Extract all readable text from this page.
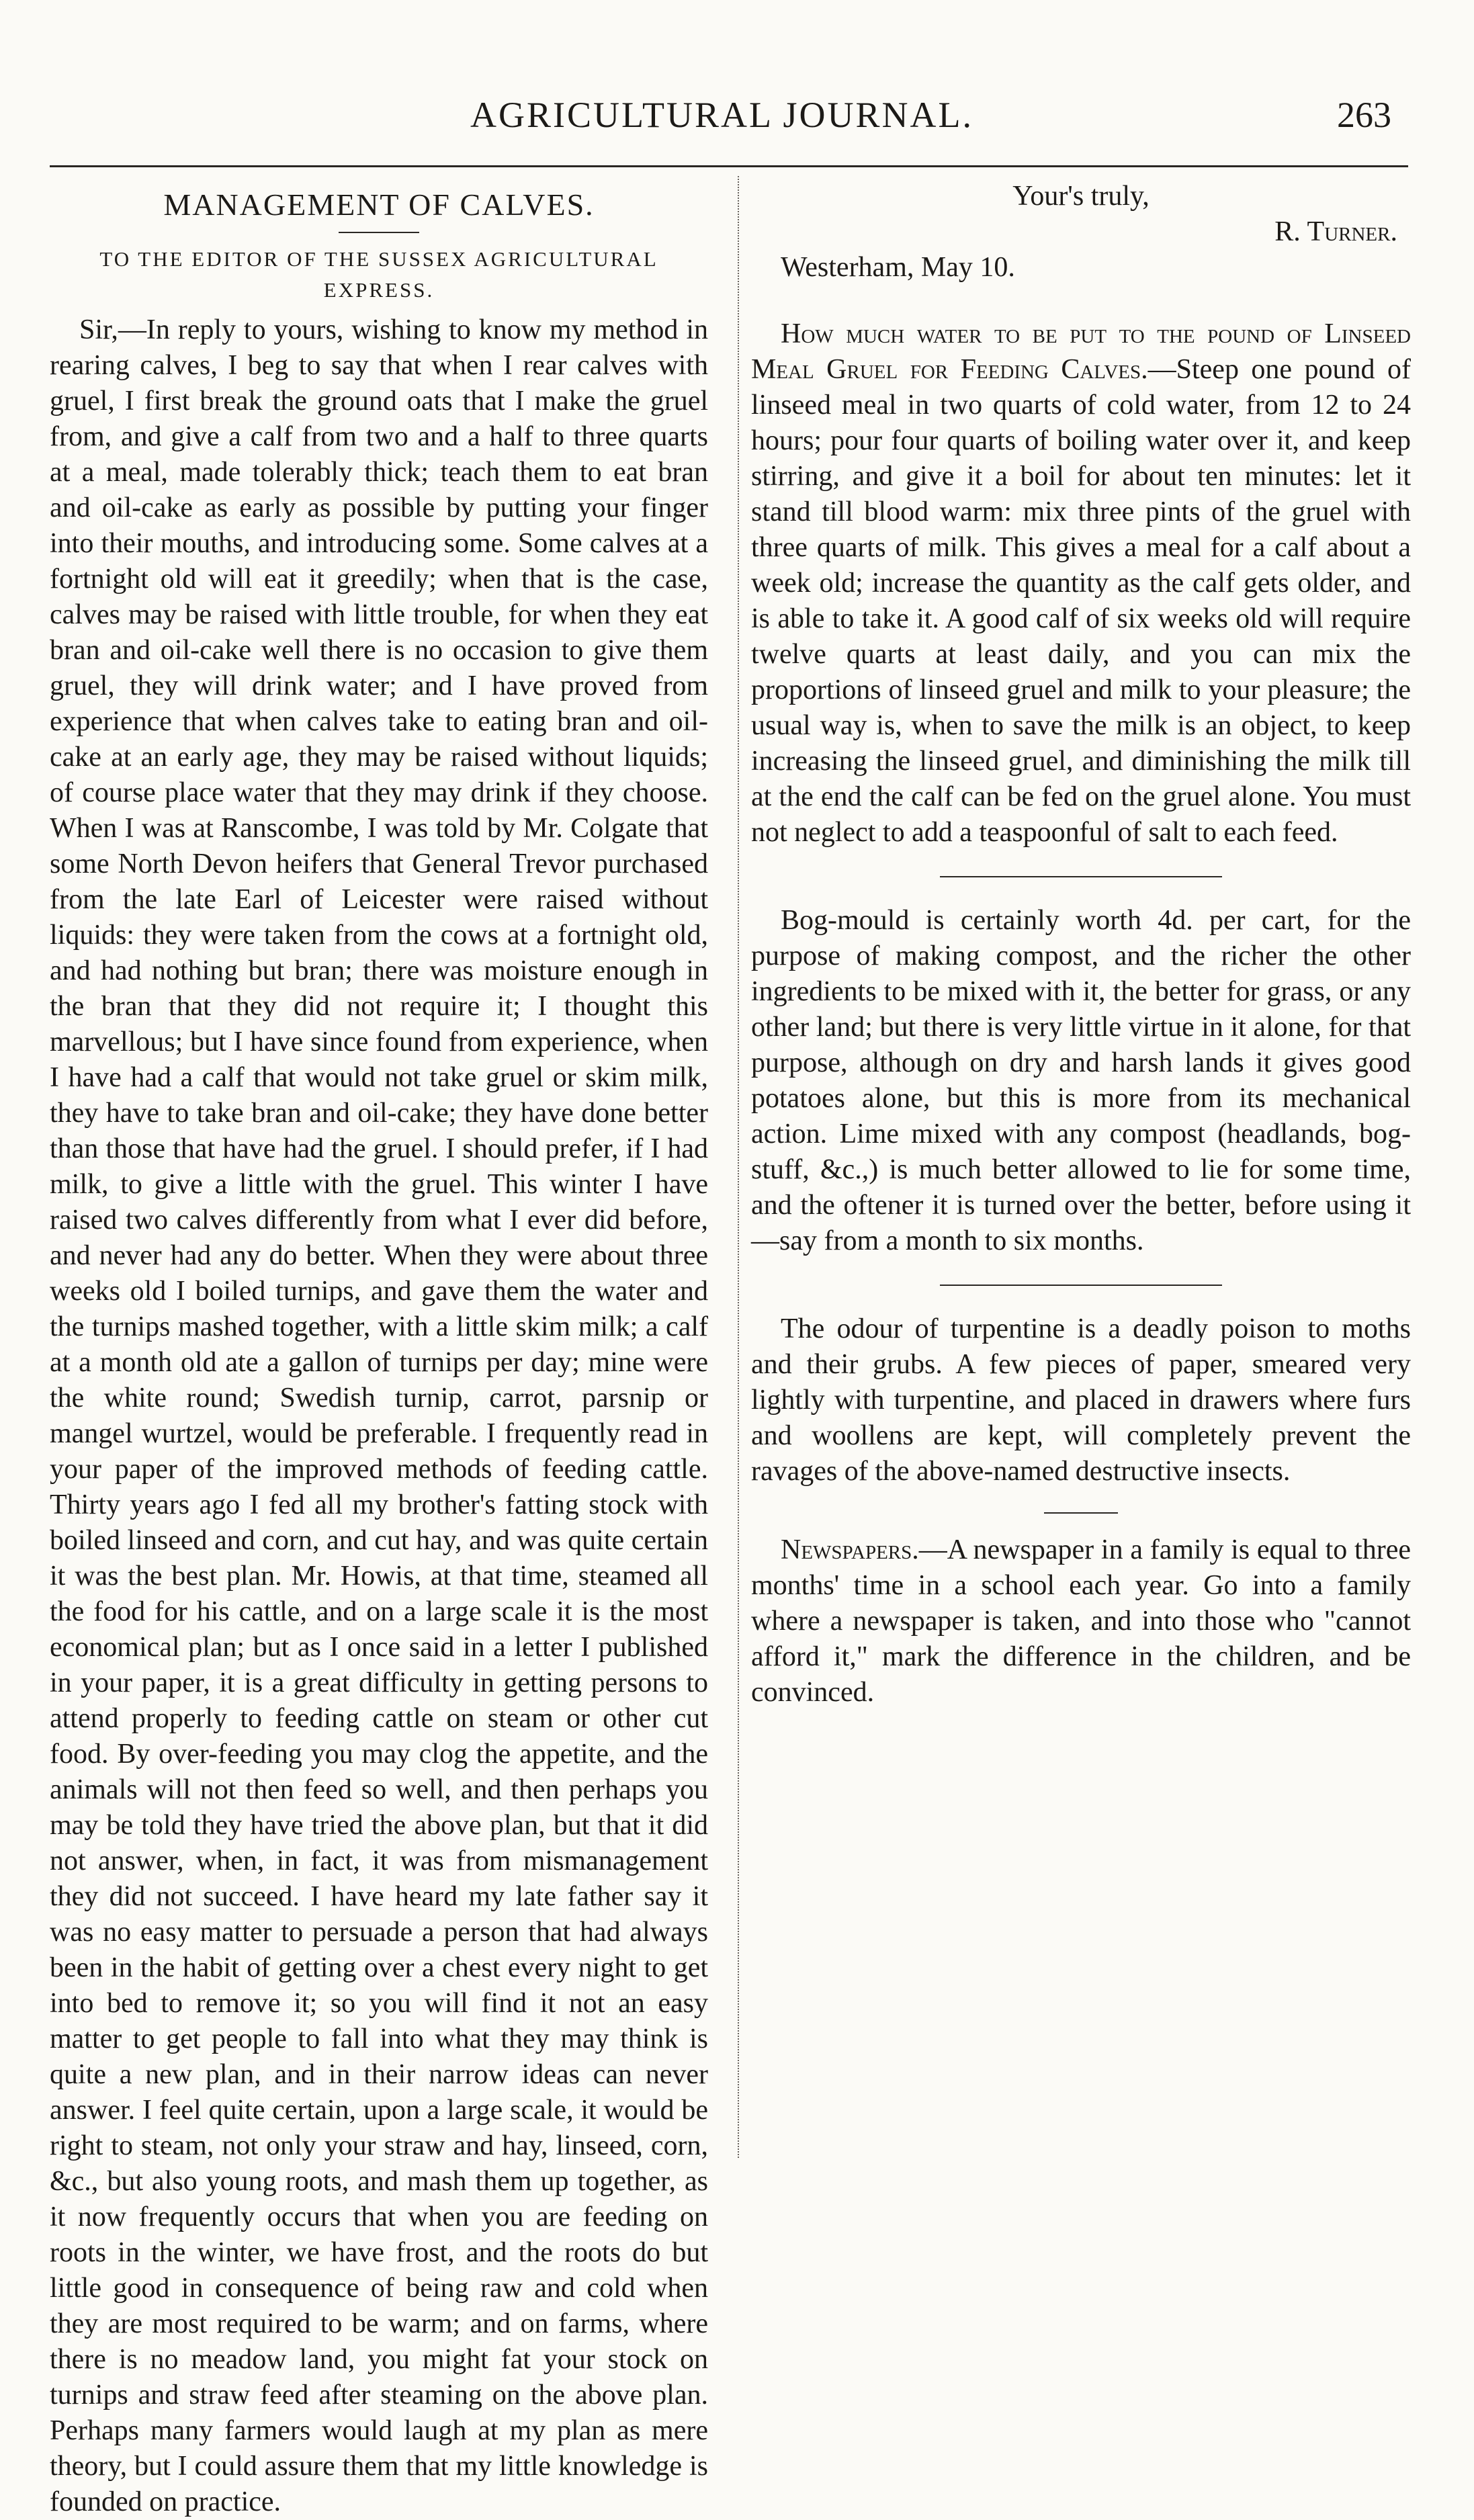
AGRICULTURAL JOURNAL.	263
MANAGEMENT OF CALVES.
TO THE EDITOR OF THE SUSSEX AGRICULTURAL EXPRESS.

Sir,—In reply to yours, wishing to know my method in rearing calves, I beg to say that when I rear calves with gruel, I first break the ground oats that I make the gruel from, and give a calf from two and a half to three quarts at a meal, made tolerably thick; teach them to eat bran and oil-cake as early as possible by putting your finger into their mouths, and introducing some. Some calves at a fortnight old will eat it greedily; when that is the case, calves may be raised with little trouble, for when they eat bran and oil-cake well there is no occasion to give them gruel, they will drink water; and I have proved from experience that when calves take to eating bran and oil-cake at an early age, they may be raised without liquids; of course place water that they may drink if they choose. When I was at Ranscombe, I was told by Mr. Colgate that some North Devon heifers that General Trevor purchased from the late Earl of Leicester were raised without liquids: they were taken from the cows at a fortnight old, and had nothing but bran; there was moisture enough in the bran that they did not require it; I thought this marvellous; but I have since found from experience, when I have had a calf that would not take gruel or skim milk, they have to take bran and oil-cake; they have done better than those that have had the gruel. I should prefer, if I had milk, to give a little with the gruel. This winter I have raised two calves differently from what I ever did before, and never had any do better. When they were about three weeks old I boiled turnips, and gave them the water and the turnips mashed together, with a little skim milk; a calf at a month old ate a gallon of turnips per day; mine were the white round; Swedish turnip, carrot, parsnip or mangel wurtzel, would be preferable. I frequently read in your paper of the improved methods of feeding cattle. Thirty years ago I fed all my brother's fatting stock with boiled linseed and corn, and cut hay, and was quite certain it was the best plan. Mr. Howis, at that time, steamed all the food for his cattle, and on a large scale it is the most economical plan; but as I once said in a letter I published in your paper, it is a great difficulty in getting persons to attend properly to feeding cattle on steam or other cut food. By over-feeding you may clog the appetite, and the animals will not then feed so well, and then perhaps you may be told they have tried the above plan, but that it did not answer, when, in fact, it was from mismanagement they did not succeed. I have heard my late father say it was no easy matter to persuade a person that had always been in the habit of getting over a chest every night to get into bed to remove it; so you will find it not an easy matter to get people to fall into what they may think is quite a new plan, and in their narrow ideas can never answer. I feel quite certain, upon a large scale, it would be right to steam, not only your straw and hay, linseed, corn, &c., but also young roots, and mash them up together, as it now frequently occurs that when you are feeding on roots in the winter, we have frost, and the roots do but little good in consequence of being raw and cold when they are most required to be warm; and on farms, where there is no meadow land, you might fat your stock on turnips and straw feed after steaming on the above plan. Perhaps many farmers would laugh at my plan as mere theory, but I could assure them that my little knowledge is founded on practice.

Your's truly,

R. Turner.

Westerham, May 10.

How much water to be put to the pound of Linseed Meal Gruel for Feeding Calves.—Steep one pound of linseed meal in two quarts of cold water, from 12 to 24 hours; pour four quarts of boiling water over it, and keep stirring, and give it a boil for about ten minutes: let it stand till blood warm: mix three pints of the gruel with three quarts of milk. This gives a meal for a calf about a week old; increase the quantity as the calf gets older, and is able to take it. A good calf of six weeks old will require twelve quarts at least daily, and you can mix the proportions of linseed gruel and milk to your pleasure; the usual way is, when to save the milk is an object, to keep increasing the linseed gruel, and diminishing the milk till at the end the calf can be fed on the gruel alone. You must not neglect to add a teaspoonful of salt to each feed.

Bog-mould is certainly worth 4d. per cart, for the purpose of making compost, and the richer the other ingredients to be mixed with it, the better for grass, or any other land; but there is very little virtue in it alone, for that purpose, although on dry and harsh lands it gives good potatoes alone, but this is more from its mechanical action. Lime mixed with any compost (headlands, bog-stuff, &c.,) is much better allowed to lie for some time, and the oftener it is turned over the better, before using it—say from a month to six months.

The odour of turpentine is a deadly poison to moths and their grubs. A few pieces of paper, smeared very lightly with turpentine, and placed in drawers where furs and woollens are kept, will completely prevent the ravages of the above-named destructive insects.

Newspapers.—A newspaper in a family is equal to three months' time in a school each year. Go into a family where a newspaper is taken, and into those who "cannot afford it," mark the difference in the children, and be convinced.
